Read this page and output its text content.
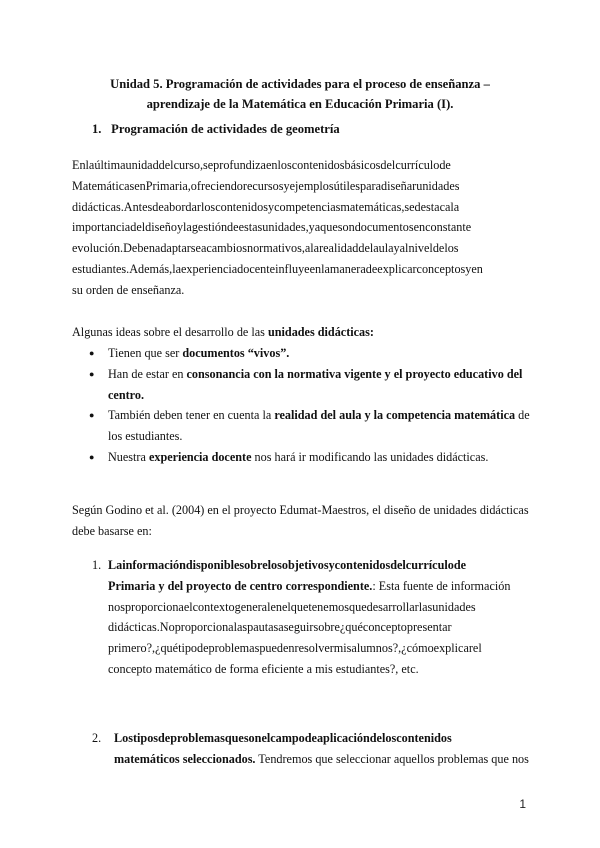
Unidad 5. Programación de actividades para el proceso de enseñanza –
aprendizaje de la Matemática en Educación Primaria (I).
1. Programación de actividades de geometría
Enlaúltimaunidaddelcurso,seprofundizaenloscontenidosbásicosdelcurrículode
MatemáticasenPrimaria,ofreciendorecursosyejemplosútilesparadiseñarunidades
didácticas.Antesdeabordarloscontenidosycompetenciasmatemáticas,sedestacala
importanciadeldiseñoylagestióndeestasunidades,yaquesondocumentosenconstante
evolución.Debenadaptarseacambiosnormativos,alarealidaddelaulayalniveldelos
estudiantes.Además,laexperienciadocenteinfluyeenlamaneradeexplicarconceptosyen
su orden de enseñanza.
Algunas ideas sobre el desarrollo de las unidades didácticas:
● Tienen que ser documentos “vivos”.
● Han de estar en consonancia con la normativa vigente y el proyecto educativo del
centro.
● También deben tener en cuenta la realidad del aula y la competencia matemática de
los estudiantes.
● Nuestra experiencia docente nos hará ir modificando las unidades didácticas.
Según Godino et al. (2004) en el proyecto Edumat-Maestros, el diseño de unidades didácticas
debe basarse en:
1. Lainformacióndisponiblesobrelosobjetivosycontenidosdelcurrículode
Primaria y del proyecto de centro correspondiente.: Esta fuente de información
nosproporcionaelcontextogeneralenelquetenemosquedesarrollarlasunidades
didácticas.Noproporcionalaspautasaseguirsobre¿quéconceptopresentar
primero?,¿quétipodeproblemaspuedenresolvermisalumnos?,¿cómoexplicarel
concepto matemático de forma eficiente a mis estudiantes?, etc.
2. Lostiposdeproblemasquesonelcampodeaplicacióndeloscontenidos
matemáticos seleccionados. Tendremos que seleccionar aquellos problemas que nos
1
